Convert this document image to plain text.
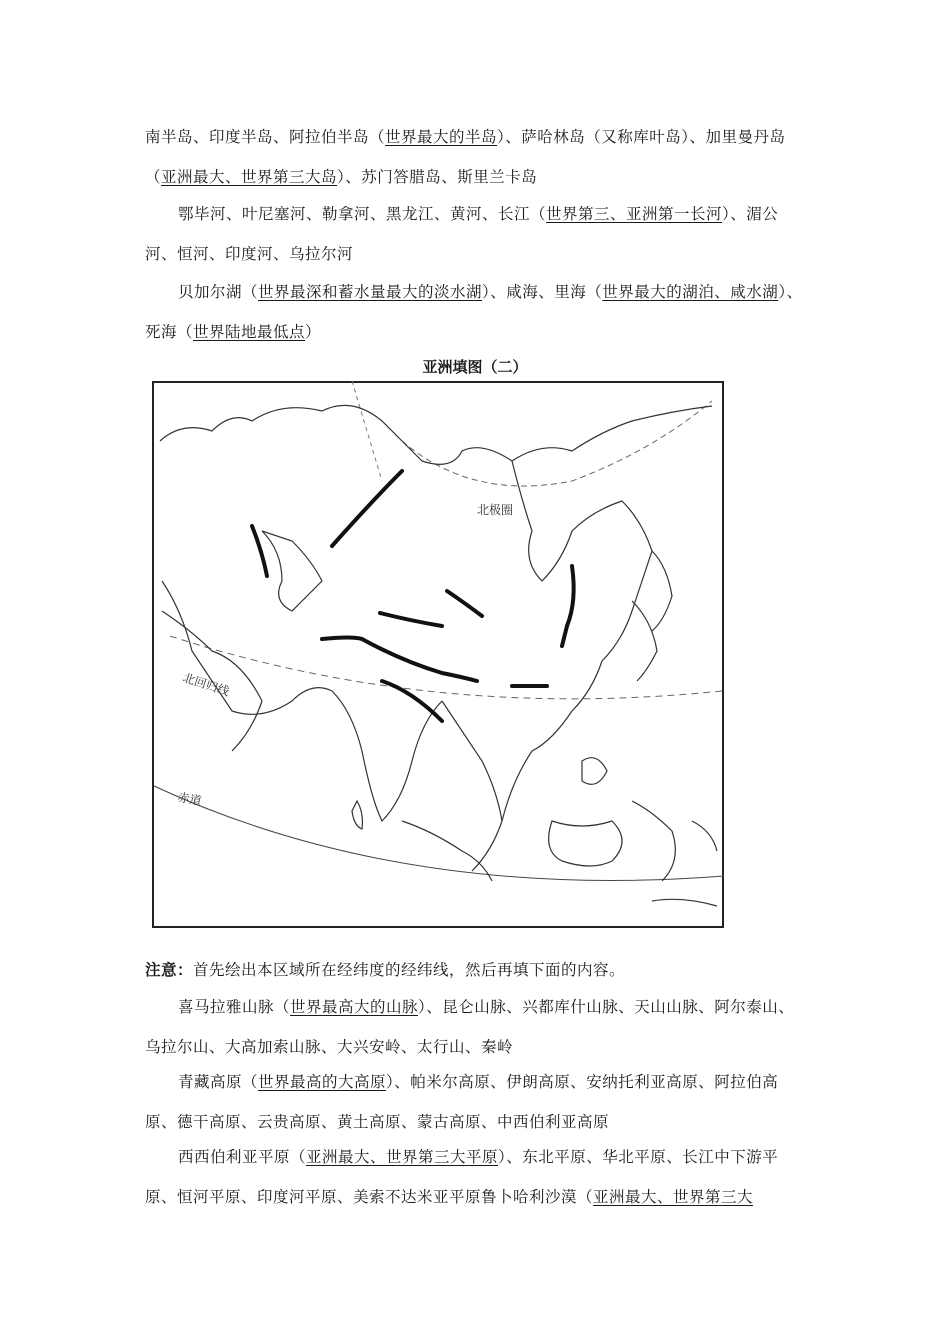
南半岛、印度半岛、阿拉伯半岛（世界最大的半岛）、萨哈林岛（又称库叶岛）、加里曼丹岛（亚洲最大、世界第三大岛）、苏门答腊岛、斯里兰卡岛
鄂毕河、叶尼塞河、勒拿河、黑龙江、黄河、长江（世界第三、亚洲第一长河）、湄公河、恒河、印度河、乌拉尔河
贝加尔湖（世界最深和蓄水量最大的淡水湖）、咸海、里海（世界最大的湖泊、咸水湖）、死海（世界陆地最低点）
亚洲填图（二）
北极圈
北回归线
赤道
注意：首先绘出本区域所在经纬度的经纬线，然后再填下面的内容。
喜马拉雅山脉（世界最高大的山脉）、昆仑山脉、兴都库什山脉、天山山脉、阿尔泰山、乌拉尔山、大高加索山脉、大兴安岭、太行山、秦岭
青藏高原（世界最高的大高原）、帕米尔高原、伊朗高原、安纳托利亚高原、阿拉伯高原、德干高原、云贵高原、黄土高原、蒙古高原、中西伯利亚高原
西西伯利亚平原（亚洲最大、世界第三大平原）、东北平原、华北平原、长江中下游平原、恒河平原、印度河平原、美索不达米亚平原鲁卜哈利沙漠（亚洲最大、世界第三大
